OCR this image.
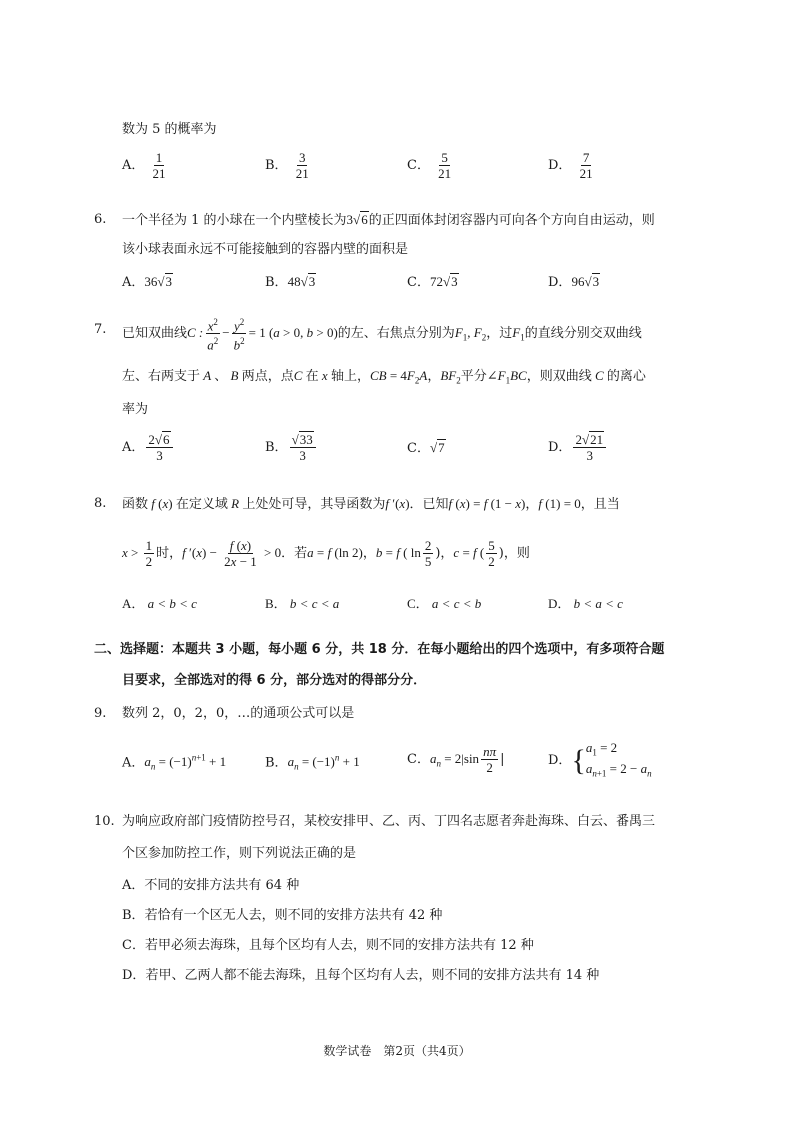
数为 5 的概率为
A． $\frac{1}{21}$	B． $\frac{3}{21}$	C． $\frac{5}{21}$	D． $\frac{7}{21}$
6. 一个半径为 1 的小球在一个内壁棱长为3√6的正四面体封闭容器内可向各个方向自由运动，则
该小球表面永远不可能接触到的容器内壁的面积是
A．36√3	B．48√3	C．72√3	D．96√3
7. 已知双曲线C : $\frac{x^2}{a^2} - \frac{y^2}{b^2} = 1$ (a > 0, b > 0)的左、右焦点分别为$F_1$, $F_2$，过$F_1$的直线分别交双曲线
左、右两支于 A 、 B 两点，点C 在 x 轴上，CB = $4F_2A$，$BF_2$平分$\angle F_1BC$，则双曲线 C 的离心
率为
A． $\frac{2√6}{3}$	B． $\frac{√33}{3}$	C．√7	D． $\frac{2√21}{3}$
8. 函数 f (x) 在定义域 R 上处处可导，其导函数为f ′(x)．已知f (x) = f (1 − x)，f (1) = 0，且当
$x > \frac{1}{2}$ 时，f $'(x) - \frac{f (x)}{2x - 1} > 0$．若a = f (ln 2)，b = f ( $\ln \frac{2}{5}$ )，c = f ( $\frac{5}{2}$ )，则
A． a < b < c	B． b < c < a	C． a < c < b	D． b < a < c
二、选择题：本题共 3 小题，每小题 6 分，共 18 分．在每小题给出的四个选项中，有多项符合题
目要求，全部选对的得 6 分，部分选对的得部分分．
9. 数列 2，0，2，0，…的通项公式可以是
A．$a_n = (-1)^{n+1} + 1$	B．$a_n = (-1)^n + 1$	C．$a_n = 2|\sin \frac{n\pi}{2}$ |	D．{ $a_1 = 2$
$a_{n+1} = 2 - a_n$
10. 为响应政府部门疫情防控号召，某校安排甲、乙、丙、丁四名志愿者奔赴海珠、白云、番禺三
个区参加防控工作，则下列说法正确的是
A．不同的安排方法共有 64 种
B．若恰有一个区无人去，则不同的安排方法共有 42 种
C．若甲必须去海珠，且每个区均有人去，则不同的安排方法共有 12 种
D．若甲、乙两人都不能去海珠，且每个区均有人去，则不同的安排方法共有 14 种
数学试卷　第2页（共4页）
